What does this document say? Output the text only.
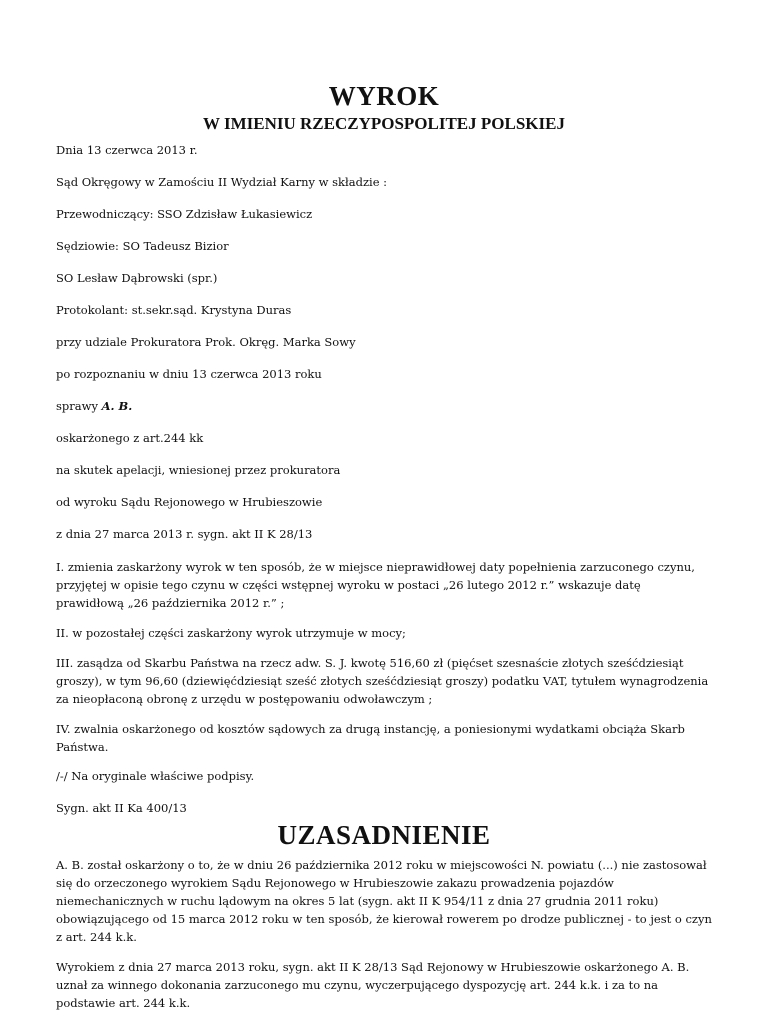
WYROK
W IMIENIU RZECZYPOSPOLITEJ POLSKIEJ

Dnia 13 czerwca 2013 r.

Sąd Okręgowy w Zamościu II Wydział Karny w składzie :

Przewodniczący: SSO Zdzisław Łukasiewicz

Sędziowie: SO Tadeusz Bizior

SO Lesław Dąbrowski (spr.)

Protokolant: st.sekr.sąd. Krystyna Duras

przy udziale Prokuratora Prok. Okręg. Marka Sowy

po rozpoznaniu w dniu 13 czerwca 2013 roku

sprawy A. B.

oskarżonego z art.244 kk

na skutek apelacji, wniesionej przez prokuratora

od wyroku Sądu Rejonowego w Hrubieszowie

z dnia 27 marca 2013 r. sygn. akt II K 28/13

I. zmienia zaskarżony wyrok w ten sposób, że w miejsce nieprawidłowej daty popełnienia zarzuconego czynu, przyjętej w opisie tego czynu w części wstępnej wyroku w postaci „26 lutego 2012 r.” wskazuje datę prawidłową „26 października 2012 r.” ;

II. w pozostałej części zaskarżony wyrok utrzymuje w mocy;

III. zasądza od Skarbu Państwa na rzecz adw. S. J. kwotę 516,60 zł (pięćset szesnaście złotych sześćdziesiąt groszy), w tym 96,60 (dziewięćdziesiąt sześć złotych sześćdziesiąt groszy) podatku VAT, tytułem wynagrodzenia za nieopłaconą obronę z urzędu w postępowaniu odwoławczym ;

IV. zwalnia oskarżonego od kosztów sądowych za drugą instancję, a poniesionymi wydatkami obciąża Skarb Państwa.

/-/ Na oryginale właściwe podpisy.

Sygn. akt II Ka 400/13

UZASADNIENIE

A. B. został oskarżony o to, że w dniu 26 października 2012 roku w miejscowości N. powiatu (...) nie zastosował się do orzeczonego wyrokiem Sądu Rejonowego w Hrubieszowie zakazu prowadzenia pojazdów niemechanicznych w ruchu lądowym na okres 5 lat (sygn. akt II K 954/11 z dnia 27 grudnia 2011 roku) obowiązującego od 15 marca 2012 roku w ten sposób, że kierował rowerem po drodze publicznej - to jest o czyn z art. 244 k.k.

Wyrokiem z dnia 27 marca 2013 roku, sygn. akt II K 28/13 Sąd Rejonowy w Hrubieszowie oskarżonego A. B. uznał za winnego dokonania zarzuconego mu czynu, wyczerpującego dyspozycję art. 244 k.k. i za to na podstawie art. 244 k.k.
